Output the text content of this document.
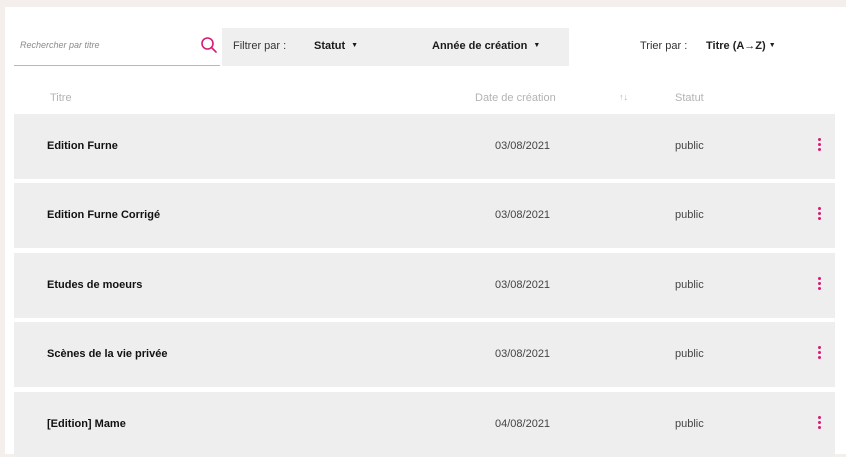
Rechercher par titre
Filtrer par :	Statut ▼	Année de création ▼	Trier par : Titre (A→Z) ▼
Titre	Date de création	↑↓	Statut
Edition Furne	03/08/2021	public
Edition Furne Corrigé	03/08/2021	public
Etudes de moeurs	03/08/2021	public
Scènes de la vie privée	03/08/2021	public
[Edition] Mame	04/08/2021	public
